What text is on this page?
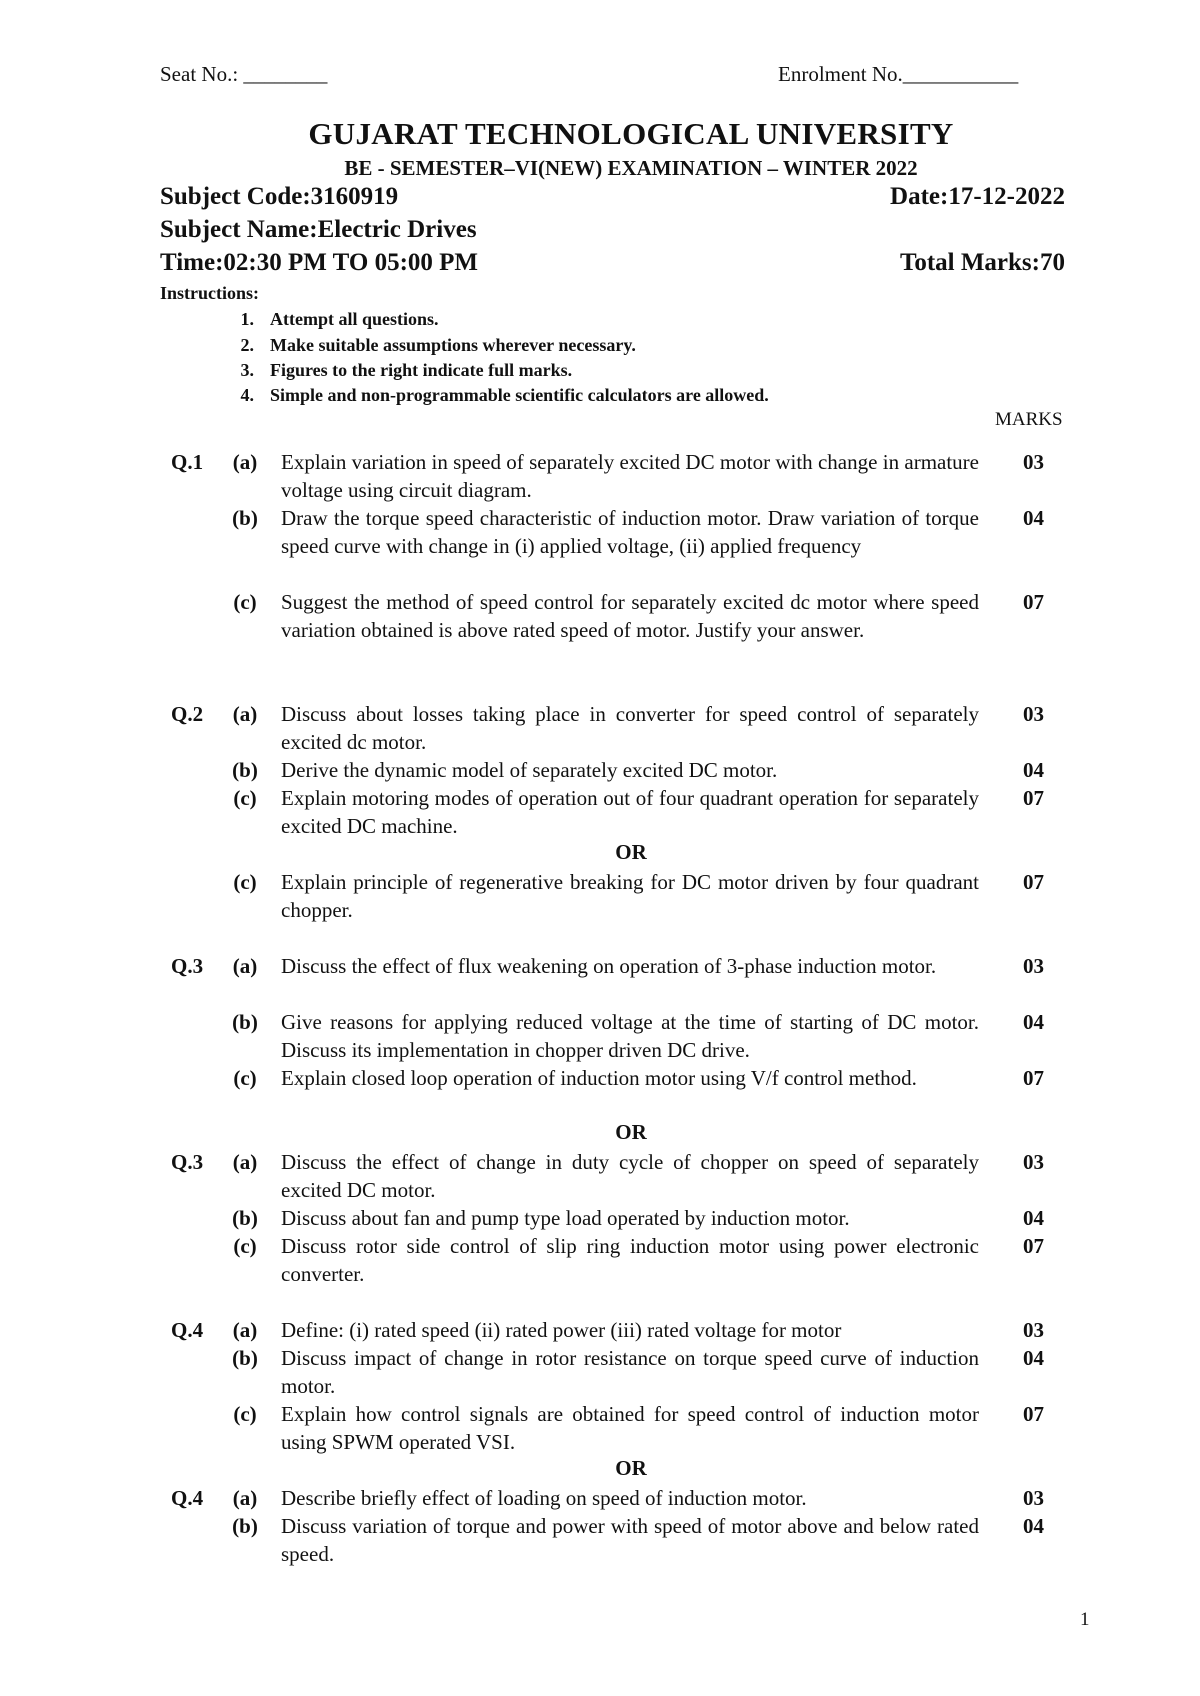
Seat No.: ________	Enrolment No.___________
GUJARAT TECHNOLOGICAL UNIVERSITY
BE - SEMESTER–VI(NEW) EXAMINATION – WINTER 2022
Subject Code:3160919	Date:17-12-2022
Subject Name:Electric Drives
Time:02:30 PM TO 05:00 PM	Total Marks:70
Instructions:
1. Attempt all questions.
2. Make suitable assumptions wherever necessary.
3. Figures to the right indicate full marks.
4. Simple and non-programmable scientific calculators are allowed.
MARKS
Q.1 (a) Explain variation in speed of separately excited DC motor with change in armature voltage using circuit diagram.
03
(b) Draw the torque speed characteristic of induction motor. Draw variation of torque speed curve with change in (i) applied voltage, (ii) applied frequency
04
(c) Suggest the method of speed control for separately excited dc motor where speed variation obtained is above rated speed of motor. Justify your answer.
07
Q.2 (a) Discuss about losses taking place in converter for speed control of separately excited dc motor.
03
(b) Derive the dynamic model of separately excited DC motor.	04
(c) Explain motoring modes of operation out of four quadrant operation for separately excited DC machine.
07
OR
(c) Explain principle of regenerative breaking for DC motor driven by four quadrant chopper.
07
Q.3 (a) Discuss the effect of flux weakening on operation of 3-phase induction motor.	03
(b) Give reasons for applying reduced voltage at the time of starting of DC motor. Discuss its implementation in chopper driven DC drive.
04
(c) Explain closed loop operation of induction motor using V/f control method.	07
OR
Q.3 (a) Discuss the effect of change in duty cycle of chopper on speed of separately excited DC motor.
03
(b) Discuss about fan and pump type load operated by induction motor.	04
(c) Discuss rotor side control of slip ring induction motor using power electronic converter.
07
Q.4 (a) Define: (i) rated speed (ii) rated power (iii) rated voltage for motor	03
(b) Discuss impact of change in rotor resistance on torque speed curve of induction motor.
04
(c) Explain how control signals are obtained for speed control of induction motor using SPWM operated VSI.
07
OR
Q.4 (a) Describe briefly effect of loading on speed of induction motor.	03
(b) Discuss variation of torque and power with speed of motor above and below rated speed.
04
1
